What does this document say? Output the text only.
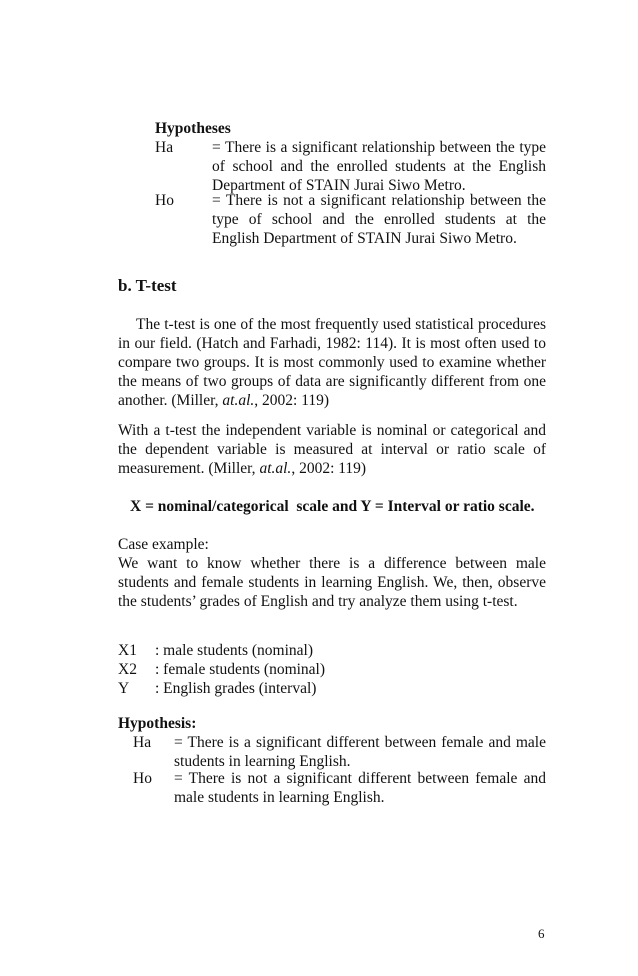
Hypotheses
Ha	= There is a significant relationship between the type of school and the enrolled students at the English Department of STAIN Jurai Siwo Metro.
Ho = There is not a significant relationship between the type of school and the enrolled students at the English Department of STAIN Jurai Siwo Metro.
b. T-test
The t-test is one of the most frequently used statistical procedures in our field. (Hatch and Farhadi, 1982: 114). It is most often used to compare two groups. It is most commonly used to examine whether the means of two groups of data are significantly different from one another. (Miller, at.al., 2002: 119)
With a t-test the independent variable is nominal or categorical and the dependent variable is measured at interval or ratio scale of measurement. (Miller, at.al., 2002: 119)
X = nominal/categorical  scale and Y = Interval or ratio scale.
Case example:
We want to know whether there is a difference between male students and female students in learning English. We, then, observe the students’ grades of English and try analyze them using t-test.
X1 : male students (nominal)
X2 : female students (nominal)
Y : English grades (interval)
Hypothesis:
Ha = There is a significant different between female and male students in learning English.
Ho = There is not a significant different between female and male students in learning English.
6
